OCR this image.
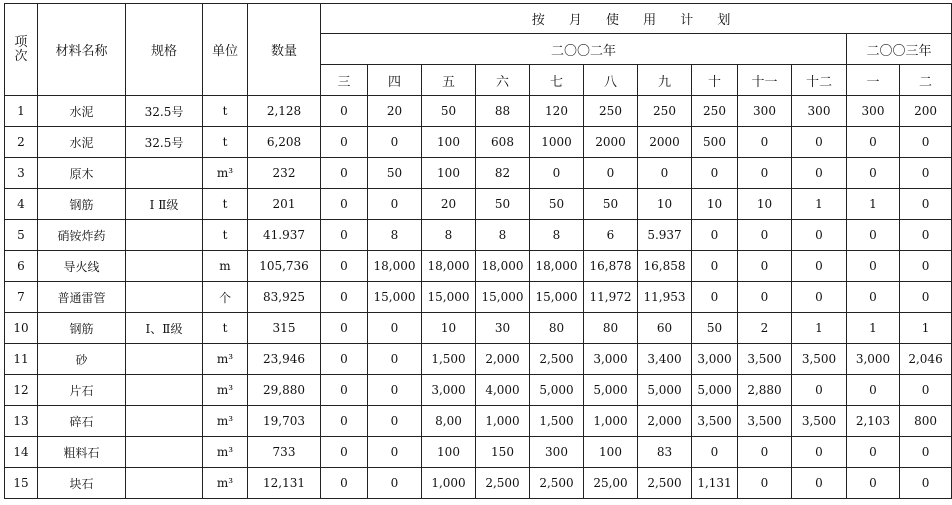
项
次	材料名称	规格	单位	数量	按 月 使 用 计 划											
					二〇〇二年										二〇〇三年	
					三	四	五	六	七	八	九	十	十一	十二	一	二
1	水泥	32.5号	t	2,128	0	20	50	88	120	250	250	250	300	300	300	200
2	水泥	32.5号	t	6,208	0	0	100	608	1000	2000	2000	500	0	0	0	0
3	原木		m³	232	0	50	100	82	0	0	0	0	0	0	0	0
4	钢筋	Ⅰ Ⅱ级	t	201	0	0	20	50	50	50	10	10	10	1	1	0
5	硝铵炸药		t	41.937	0	8	8	8	8	6	5.937	0	0	0	0	0
6	导火线		m	105,736	0	18,000	18,000	18,000	18,000	16,878	16,858	0	0	0	0	0
7	普通雷管		个	83,925	0	15,000	15,000	15,000	15,000	11,972	11,953	0	0	0	0	0
10	钢筋	Ⅰ、Ⅱ级	t	315	0	0	10	30	80	80	60	50	2	1	1	1
11	砂		m³	23,946	0	0	1,500	2,000	2,500	3,000	3,400	3,000	3,500	3,500	3,000	2,046
12	片石		m³	29,880	0	0	3,000	4,000	5,000	5,000	5,000	5,000	2,880	0	0	0
13	碎石		m³	19,703	0	0	8,00	1,000	1,500	1,000	2,000	3,500	3,500	3,500	2,103	800
14	粗料石		m³	733	0	0	100	150	300	100	83	0	0	0	0	0
15	块石		m³	12,131	0	0	1,000	2,500	2,500	25,00	2,500	1,131	0	0	0	0
